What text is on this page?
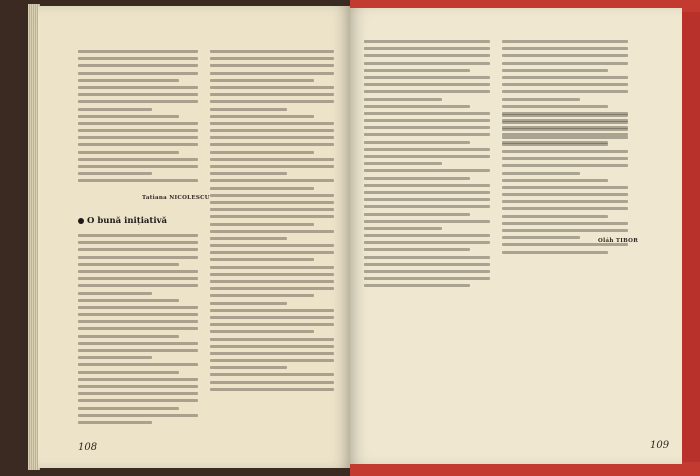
Tatiana NICOLESCU
O bună inițiativă
108
Oláh TIBOR
109
